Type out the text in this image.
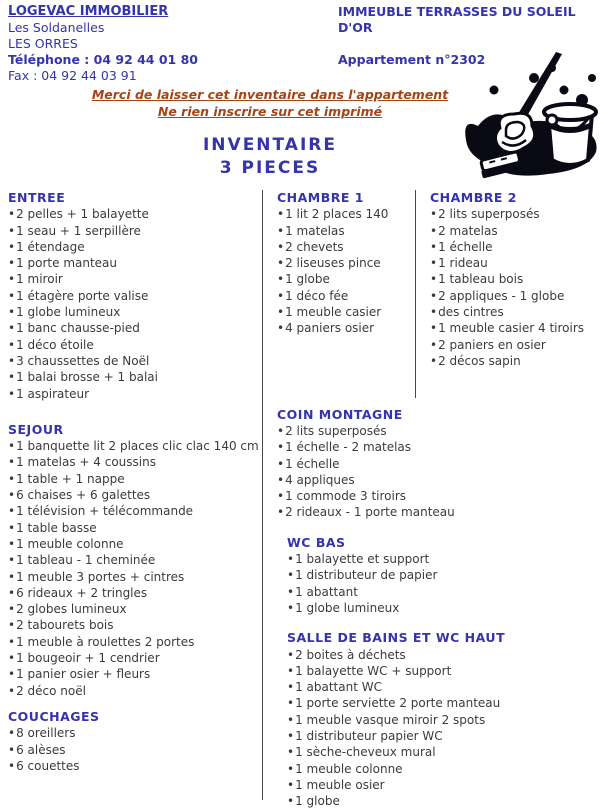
LOGEVAC IMMOBILIER
Les Soldanelles
LES ORRES
Téléphone : 04 92 44 01 80
Fax : 04 92 44 03 91
IMMEUBLE TERRASSES DU SOLEIL D'OR
Appartement n°2302
Merci de laisser cet inventaire dans l'appartement
Ne rien inscrire sur cet imprimé
INVENTAIRE
3 PIECES
ENTREE
•2 pelles + 1 balayette
•1 seau + 1 serpillère
•1 étendage
•1 porte manteau
•1 miroir
•1 étagère porte valise
•1 globe lumineux
•1 banc chausse-pied
•1 déco étoile
•3 chaussettes de Noël
•1 balai brosse + 1 balai
•1 aspirateur
SEJOUR
•1 banquette lit 2 places clic clac 140 cm
•1 matelas + 4 coussins
•1 table + 1 nappe
•6 chaises + 6 galettes
•1 télévision + télécommande
•1 table basse
•1 meuble colonne
•1 tableau - 1 cheminée
•1 meuble 3 portes + cintres
•6 rideaux + 2 tringles
•2 globes lumineux
•2 tabourets bois
•1 meuble à roulettes 2 portes
•1 bougeoir + 1 cendrier
•1 panier osier + fleurs
•2 déco noël
COUCHAGES
•8 oreillers
•6 alèses
•6 couettes
CHAMBRE 1
•1 lit 2 places 140
•1 matelas
•2 chevets
•2 liseuses pince
•1 globe
•1 déco fée
•1 meuble casier
•4 paniers osier
COIN MONTAGNE
•2 lits superposés
•1 échelle - 2 matelas
•1 échelle
•4 appliques
•1 commode 3 tiroirs
•2 rideaux - 1 porte manteau
WC BAS
•1 balayette et support
•1 distributeur de papier
•1 abattant
•1 globe lumineux
SALLE DE BAINS ET WC HAUT
•2 boites à déchets
•1 balayette WC + support
•1 abattant WC
•1 porte serviette 2 porte manteau
•1 meuble vasque miroir 2 spots
•1 distributeur papier WC
•1 sèche-cheveux mural
•1 meuble colonne
•1 meuble osier
•1 globe
CHAMBRE 2
•2 lits superposés
•2 matelas
•1 échelle
•1 rideau
•1 tableau bois
•2 appliques - 1 globe
•des cintres
•1 meuble casier 4 tiroirs
•2 paniers en osier
•2 décos sapin
